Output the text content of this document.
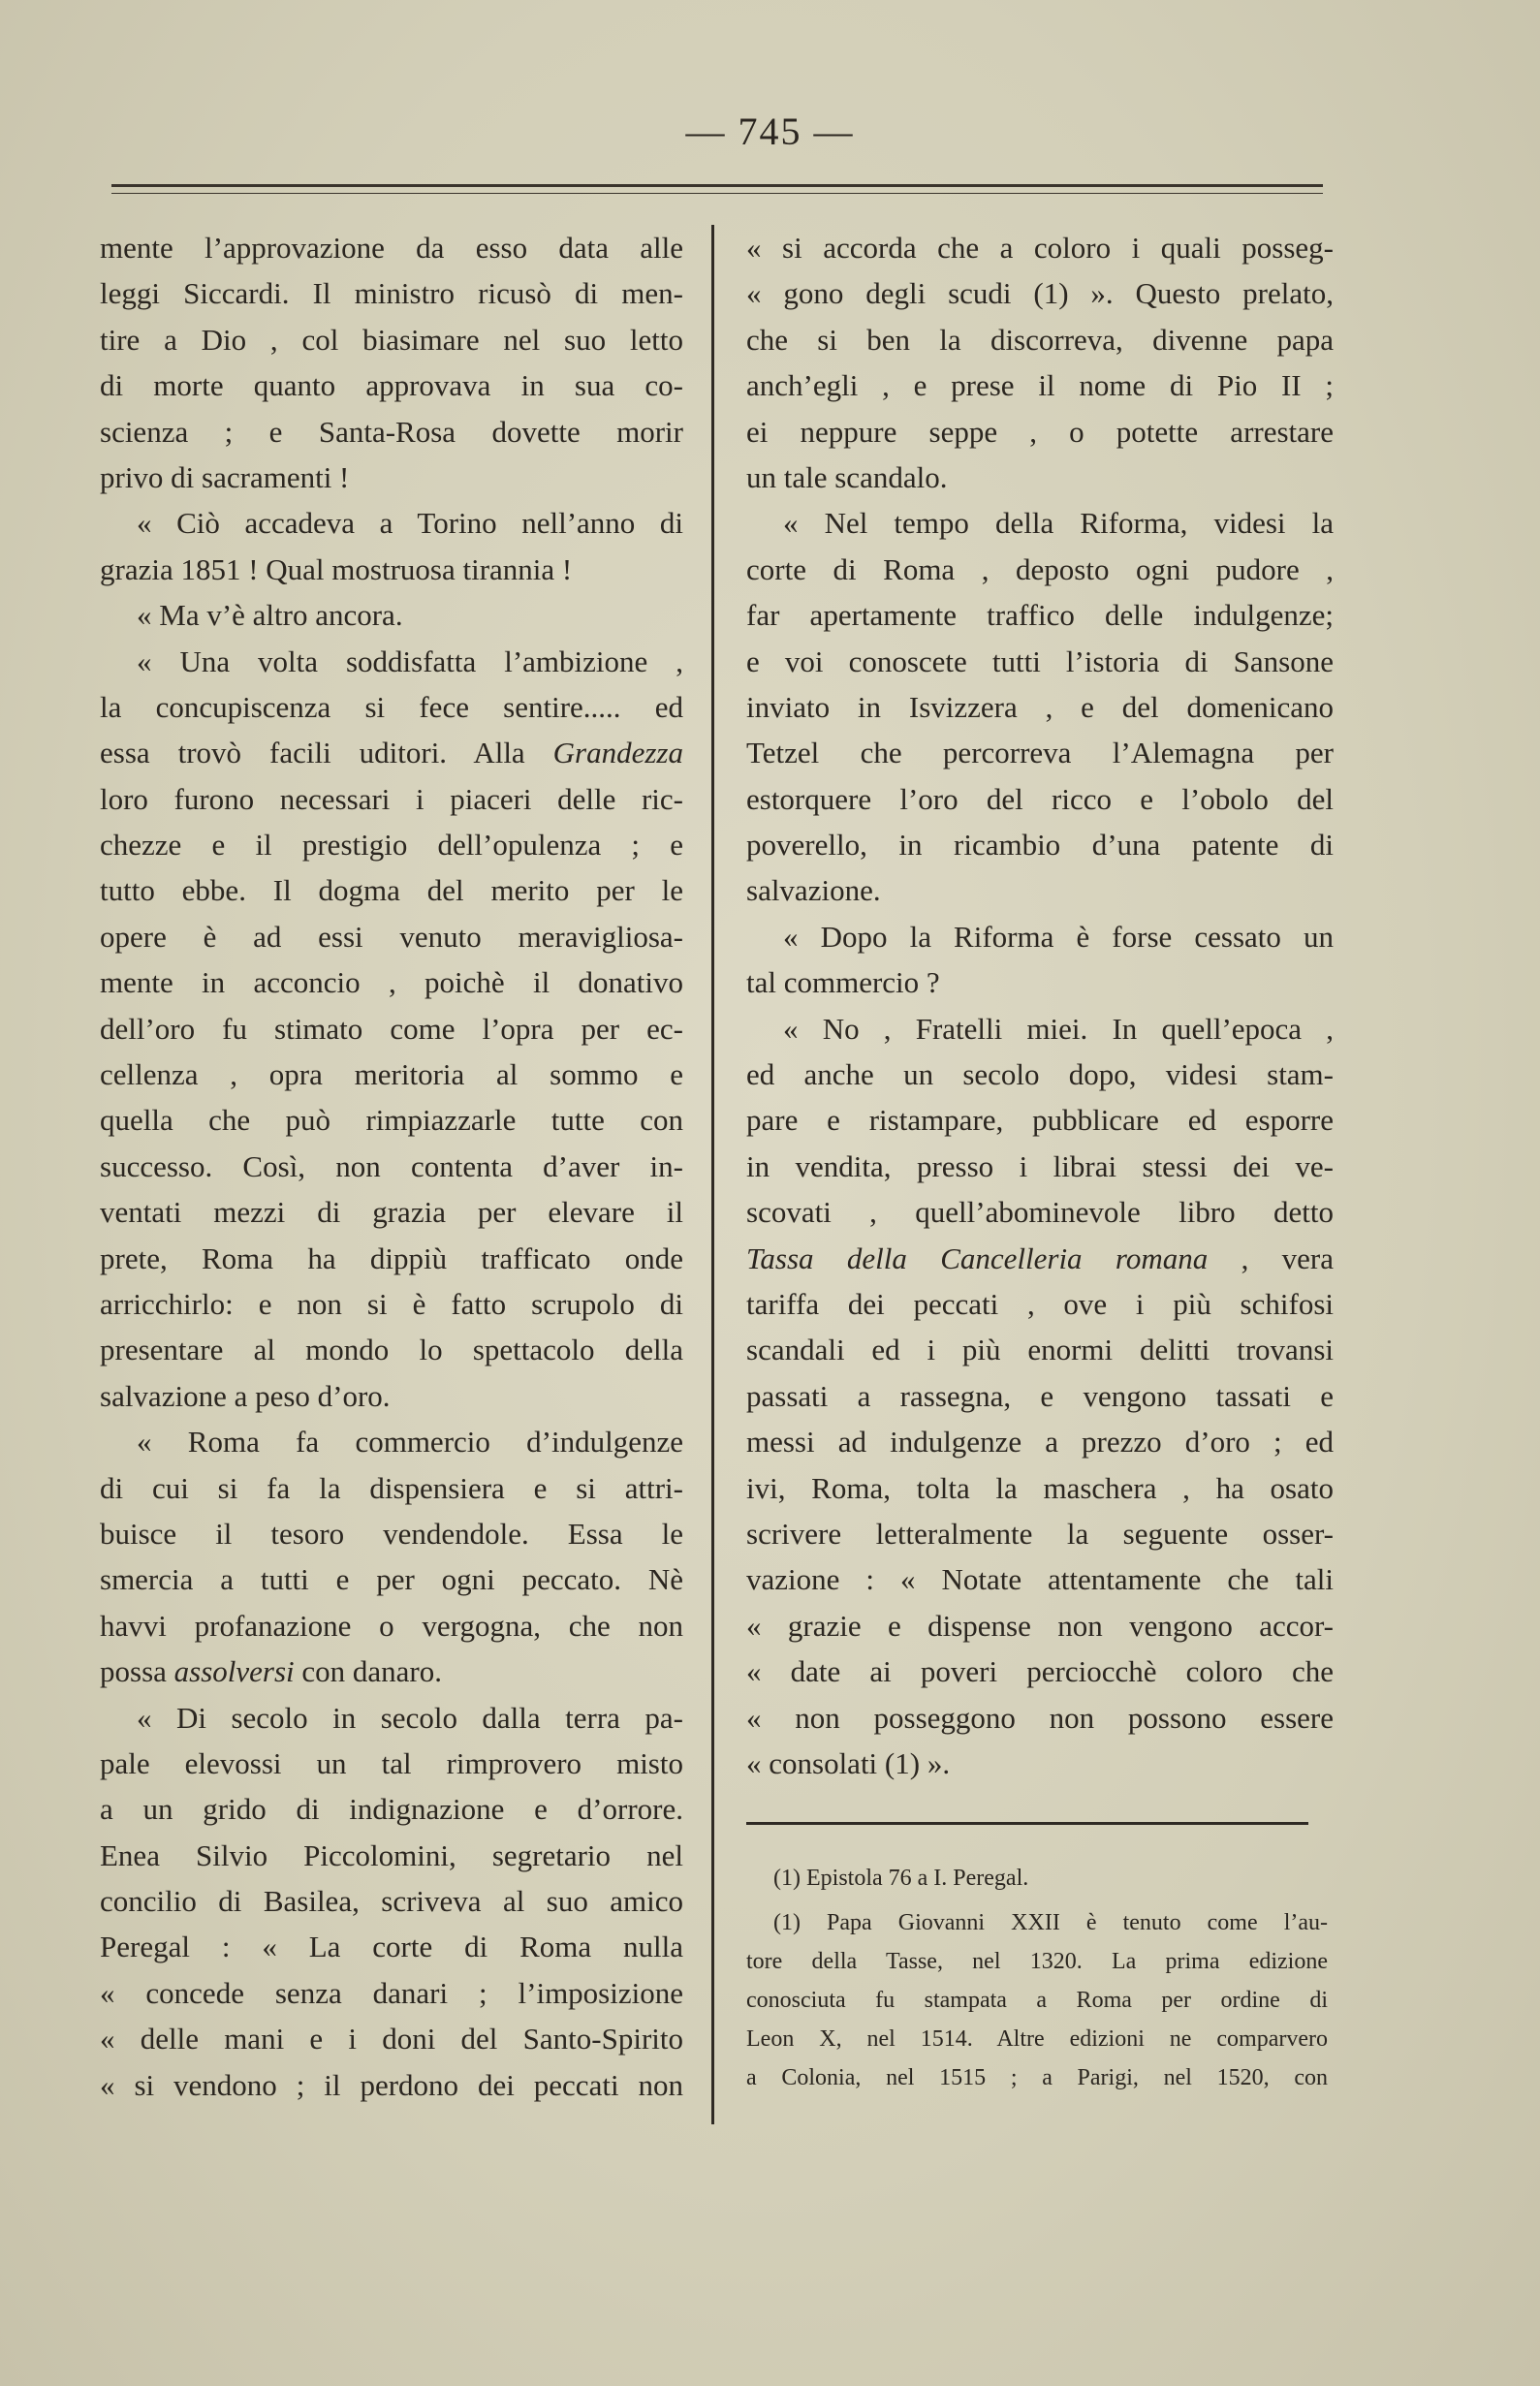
— 745 —
mente l’approvazione da esso data alle
leggi Siccardi. Il ministro ricusò di men-
tire a Dio , col biasimare nel suo letto
di morte quanto approvava in sua co-
scienza ; e Santa-Rosa dovette morir
privo di sacramenti !
« Ciò accadeva a Torino nell’anno di
grazia 1851 ! Qual mostruosa tirannia !
« Ma v’è altro ancora.
« Una volta soddisfatta l’ambizione ,
la concupiscenza si fece sentire..... ed
essa trovò facili uditori. Alla Grandezza
loro furono necessari i piaceri delle ric-
chezze e il prestigio dell’opulenza ; e
tutto ebbe. Il dogma del merito per le
opere è ad essi venuto meravigliosa-
mente in acconcio , poichè il donativo
dell’oro fu stimato come l’opra per ec-
cellenza , opra meritoria al sommo e
quella che può rimpiazzarle tutte con
successo. Così, non contenta d’aver in-
ventati mezzi di grazia per elevare il
prete, Roma ha dippiù trafficato onde
arricchirlo: e non si è fatto scrupolo di
presentare al mondo lo spettacolo della
salvazione a peso d’oro.
« Roma fa commercio d’indulgenze
di cui si fa la dispensiera e si attri-
buisce il tesoro vendendole. Essa le
smercia a tutti e per ogni peccato. Nè
havvi profanazione o vergogna, che non
possa assolversi con danaro.
« Di secolo in secolo dalla terra pa-
pale elevossi un tal rimprovero misto
a un grido di indignazione e d’orrore.
Enea Silvio Piccolomini, segretario nel
concilio di Basilea, scriveva al suo amico
Peregal : « La corte di Roma nulla
« concede senza danari ; l’imposizione
« delle mani e i doni del Santo-Spirito
« si vendono ; il perdono dei peccati non
« si accorda che a coloro i quali posseg-
« gono degli scudi (1) ». Questo prelato,
che si ben la discorreva, divenne papa
anch’egli , e prese il nome di Pio II ;
ei neppure seppe , o potette arrestare
un tale scandalo.
« Nel tempo della Riforma, videsi la
corte di Roma , deposto ogni pudore ,
far apertamente traffico delle indulgenze;
e voi conoscete tutti l’istoria di Sansone
inviato in Isvizzera , e del domenicano
Tetzel che percorreva l’Alemagna per
estorquere l’oro del ricco e l’obolo del
poverello, in ricambio d’una patente di
salvazione.
« Dopo la Riforma è forse cessato un
tal commercio ?
« No , Fratelli miei. In quell’epoca ,
ed anche un secolo dopo, videsi stam-
pare e ristampare, pubblicare ed esporre
in vendita, presso i librai stessi dei ve-
scovati , quell’abominevole libro detto
Tassa della Cancelleria romana , vera
tariffa dei peccati , ove i più schifosi
scandali ed i più enormi delitti trovansi
passati a rassegna, e vengono tassati e
messi ad indulgenze a prezzo d’oro ; ed
ivi, Roma, tolta la maschera , ha osato
scrivere letteralmente la seguente osser-
vazione : « Notate attentamente che tali
« grazie e dispense non vengono accor-
« date ai poveri perciocchè coloro che
« non posseggono non possono essere
« consolati (1) ».
(1) Epistola 76 a I. Peregal.
(1) Papa Giovanni XXII è tenuto come l’au-
tore della Tasse, nel 1320. La prima edizione
conosciuta fu stampata a Roma per ordine di
Leon X, nel 1514. Altre edizioni ne comparvero
a Colonia, nel 1515 ; a Parigi, nel 1520, con
